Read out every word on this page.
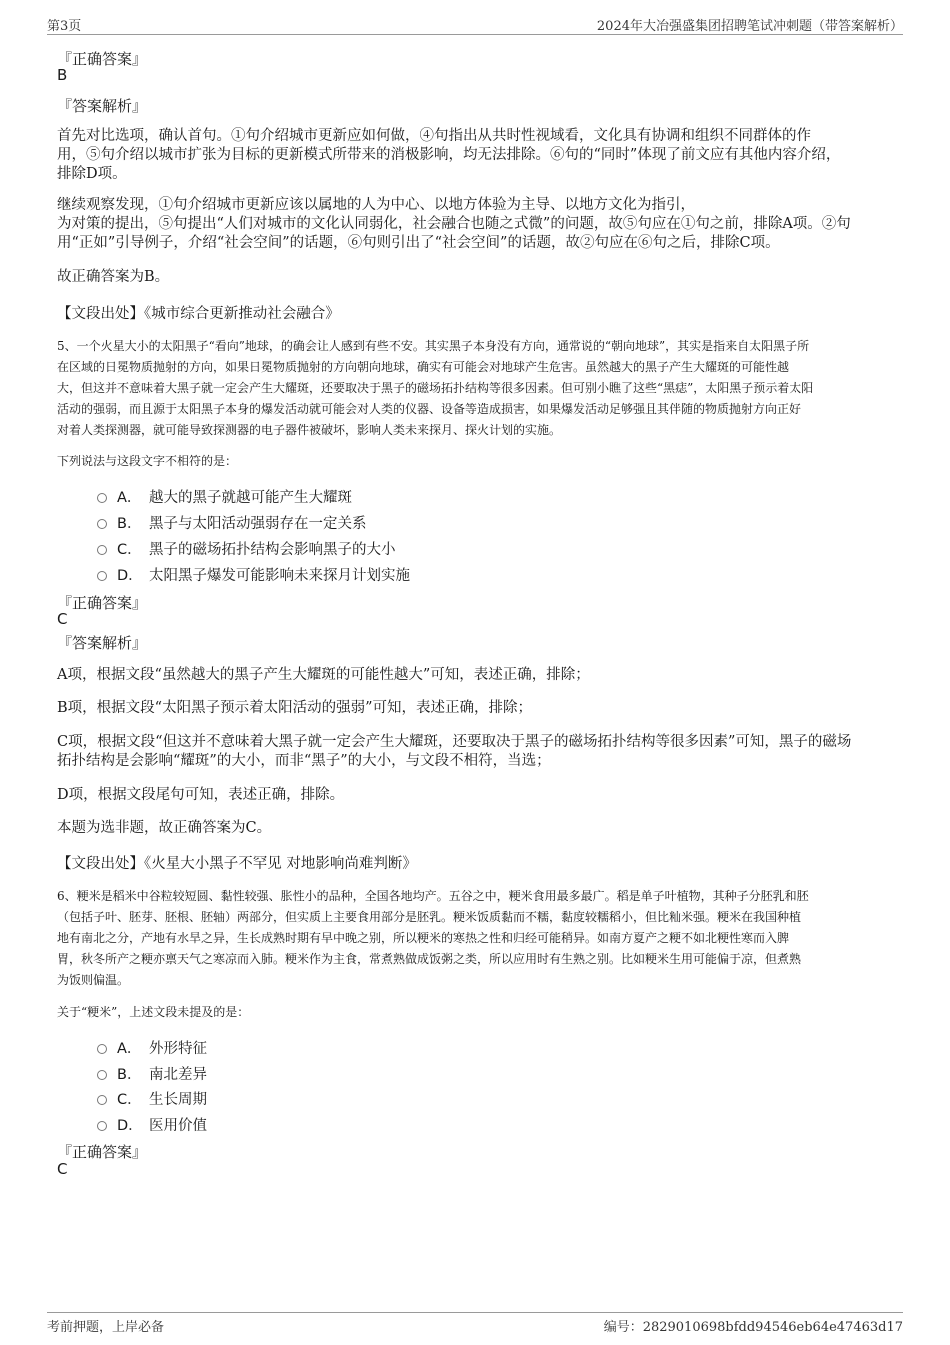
第3页	2024年大冶强盛集团招聘笔试冲刺题（带答案解析）
『正确答案』
B
『答案解析』
首先对比选项，确认首句。①句介绍城市更新应如何做，④句指出从共时性视域看，文化具有协调和组织不同群体的作
用，⑤句介绍以城市扩张为目标的更新模式所带来的消极影响，均无法排除。⑥句的“同时”体现了前文应有其他内容介绍，
排除D项。
继续观察发现，①句介绍城市更新应该以属地的人为中心、以地方体验为主导、以地方文化为指引，
为对策的提出，⑤句提出“人们对城市的文化认同弱化，社会融合也随之式微”的问题，故⑤句应在①句之前，排除A项。②句
用“正如”引导例子，介绍“社会空间”的话题，⑥句则引出了“社会空间”的话题，故②句应在⑥句之后，排除C项。
故正确答案为B。
【文段出处】《城市综合更新推动社会融合》
5、一个火星大小的太阳黑子“看向”地球，的确会让人感到有些不安。其实黑子本身没有方向，通常说的“朝向地球”，其实是指来自太阳黑子所
在区域的日冕物质抛射的方向，如果日冕物质抛射的方向朝向地球，确实有可能会对地球产生危害。虽然越大的黑子产生大耀斑的可能性越
大，但这并不意味着大黑子就一定会产生大耀斑，还要取决于黑子的磁场拓扑结构等很多因素。但可别小瞧了这些“黑痣”，太阳黑子预示着太阳
活动的强弱，而且源于太阳黑子本身的爆发活动就可能会对人类的仪器、设备等造成损害，如果爆发活动足够强且其伴随的物质抛射方向正好
对着人类探测器，就可能导致探测器的电子器件被破坏，影响人类未来探月、探火计划的实施。
下列说法与这段文字不相符的是：
A． 越大的黑子就越可能产生大耀斑
B． 黑子与太阳活动强弱存在一定关系
C． 黑子的磁场拓扑结构会影响黑子的大小
D． 太阳黑子爆发可能影响未来探月计划实施
『正确答案』
C
『答案解析』
A项，根据文段“虽然越大的黑子产生大耀斑的可能性越大”可知，表述正确，排除；
B项，根据文段“太阳黑子预示着太阳活动的强弱”可知，表述正确，排除；
C项，根据文段“但这并不意味着大黑子就一定会产生大耀斑，还要取决于黑子的磁场拓扑结构等很多因素”可知，黑子的磁场
拓扑结构是会影响“耀斑”的大小，而非“黑子”的大小，与文段不相符，当选；
D项，根据文段尾句可知，表述正确，排除。
本题为选非题，故正确答案为C。
【文段出处】《火星大小黑子不罕见 对地影响尚难判断》
6、粳米是稻米中谷粒较短圆、黏性较强、胀性小的品种，全国各地均产。五谷之中，粳米食用最多最广。稻是单子叶植物，其种子分胚乳和胚
（包括子叶、胚芽、胚根、胚轴）两部分，但实质上主要食用部分是胚乳。粳米饭质黏而不糯，黏度较糯稻小，但比籼米强。粳米在我国种植
地有南北之分，产地有水旱之异，生长成熟时期有早中晚之别，所以粳米的寒热之性和归经可能稍异。如南方夏产之粳不如北粳性寒而入脾
胃，秋冬所产之粳亦禀天气之寒凉而入肺。粳米作为主食，常煮熟做成饭粥之类，所以应用时有生熟之别。比如粳米生用可能偏于凉，但煮熟
为饭则偏温。
关于“粳米”，上述文段未提及的是：
A． 外形特征
B． 南北差异
C． 生长周期
D． 医用价值
『正确答案』
C
考前押题，上岸必备	编号：2829010698bfdd94546eb64e47463d17
